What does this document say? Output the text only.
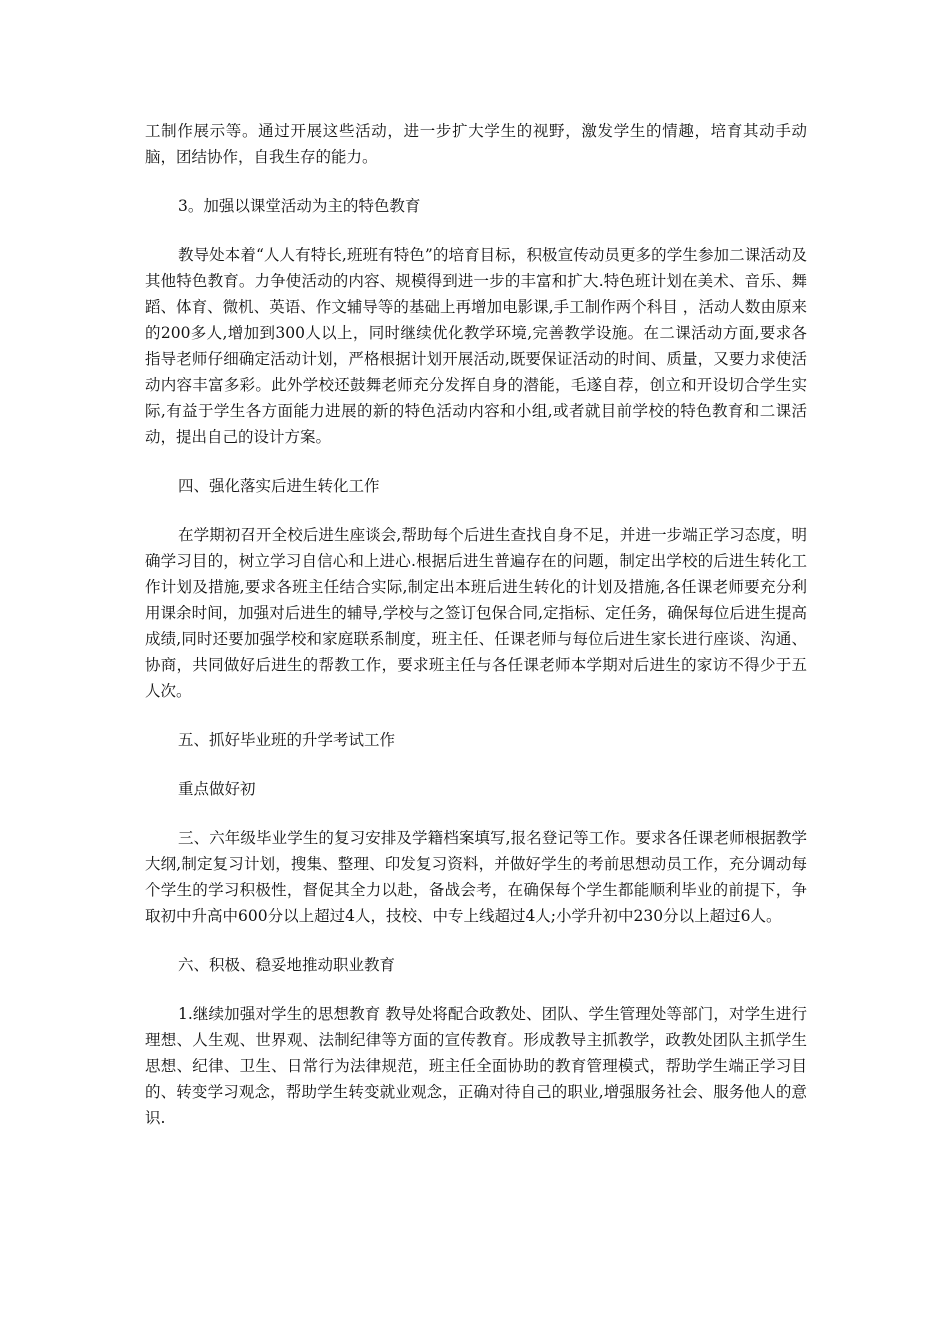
工制作展示等。通过开展这些活动，进一步扩大学生的视野，激发学生的情趣，培育其动手动脑，团结协作，自我生存的能力。

3。加强以课堂活动为主的特色教育

教导处本着“人人有特长,班班有特色”的培育目标，积极宣传动员更多的学生参加二课活动及其他特色教育。力争使活动的内容、规模得到进一步的丰富和扩大.特色班计划在美术、音乐、舞蹈、体育、微机、英语、作文辅导等的基础上再增加电影课,手工制作两个科目 ，活动人数由原来的200多人,增加到300人以上，同时继续优化教学环境,完善教学设施。在二课活动方面,要求各指导老师仔细确定活动计划，严格根据计划开展活动,既要保证活动的时间、质量，又要力求使活动内容丰富多彩。此外学校还鼓舞老师充分发挥自身的潜能，毛遂自荐，创立和开设切合学生实际,有益于学生各方面能力进展的新的特色活动内容和小组,或者就目前学校的特色教育和二课活动，提出自己的设计方案。

四、强化落实后进生转化工作

在学期初召开全校后进生座谈会,帮助每个后进生查找自身不足，并进一步端正学习态度，明确学习目的，树立学习自信心和上进心.根据后进生普遍存在的问题，制定出学校的后进生转化工作计划及措施,要求各班主任结合实际,制定出本班后进生转化的计划及措施,各任课老师要充分利用课余时间，加强对后进生的辅导,学校与之签订包保合同,定指标、定任务，确保每位后进生提高成绩,同时还要加强学校和家庭联系制度，班主任、任课老师与每位后进生家长进行座谈、沟通、协商，共同做好后进生的帮教工作，要求班主任与各任课老师本学期对后进生的家访不得少于五人次。

五、抓好毕业班的升学考试工作

重点做好初

三、六年级毕业学生的复习安排及学籍档案填写,报名登记等工作。要求各任课老师根据教学大纲,制定复习计划，搜集、整理、印发复习资料，并做好学生的考前思想动员工作，充分调动每个学生的学习积极性，督促其全力以赴，备战会考，在确保每个学生都能顺利毕业的前提下，争取初中升高中600分以上超过4人，技校、中专上线超过4人;小学升初中230分以上超过6人。

六、积极、稳妥地推动职业教育

1.继续加强对学生的思想教育 教导处将配合政教处、团队、学生管理处等部门，对学生进行理想、人生观、世界观、法制纪律等方面的宣传教育。形成教导主抓教学，政教处团队主抓学生思想、纪律、卫生、日常行为法律规范，班主任全面协助的教育管理模式，帮助学生端正学习目的、转变学习观念，帮助学生转变就业观念，正确对待自己的职业,增强服务社会、服务他人的意识.
